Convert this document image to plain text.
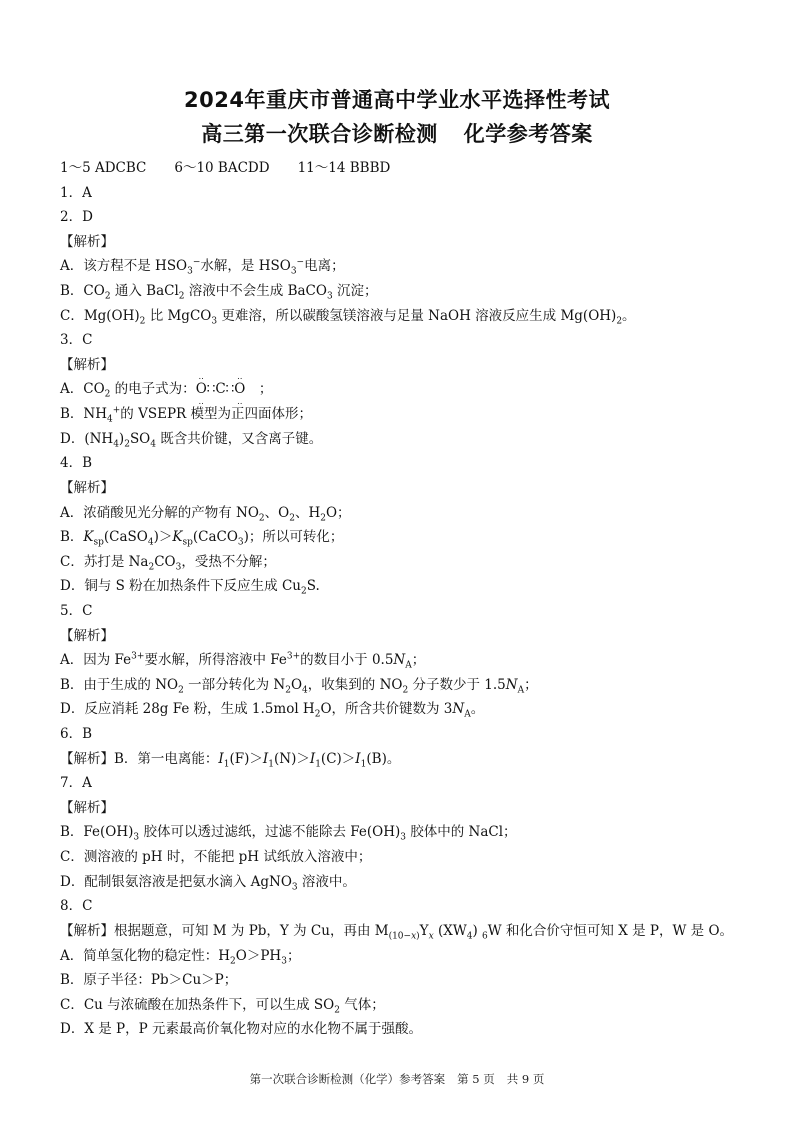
2024年重庆市普通高中学业水平选择性考试
高三第一次联合诊断检测 化学参考答案
1～5 ADCBC 6～10 BACDD 11～14 BBBD
1．A
2．D
【解析】
A．该方程不是 $HSO_3^-$水解，是 $HSO_3^-$电离；
B．$CO_2$ 通入 BaCl$_2$ 溶液中不会生成 BaCO$_3$ 沉淀；
C．$Mg(OH)_2$ 比 MgCO$_3$ 更难溶，所以碳酸氢镁溶液与足量 NaOH 溶液反应生成 $Mg(OH)_2$。
3．C
【解析】
A．$CO_2$ 的电子式为：O
‥
‥
∷C∷O
‥
‥
　；
B．$NH_4^+$的 VSEPR 模型为正四面体形；
D．$(NH_4)_2SO_4$ 既含共价键，又含离子键。
4．B
【解析】
A．浓硝酸见光分解的产物有 $NO_2$、$O_2$、$H_2O$；
B．$K_{sp}(CaSO_4)>K_{sp}(CaCO_3)$；所以可转化；
C．苏打是 $Na_2CO_3$，受热不分解；
D．铜与 S 粉在加热条件下反应生成 $Cu_2S$.
5．C
【解析】
A．因为 $Fe^{3+}$要水解，所得溶液中 $Fe^{3+}$的数目小于 $0.5N_A$；
B．由于生成的 $NO_2$ 一部分转化为 $N_2O_4$，收集到的 $NO_2$ 分子数少于 $1.5N_A$；
D．反应消耗 28g Fe 粉，生成 1.5mol $H_2O$，所含共价键数为 $3N_A$。
6．B
【解析】B．第一电离能：$I_1(F)>I_1(N)>I_1(C)>I_1(B)$。
7．A
【解析】
B．$Fe(OH)_3$ 胶体可以透过滤纸，过滤不能除去 $Fe(OH)_3$ 胶体中的 NaCl；
C．测溶液的 pH 时，不能把 pH 试纸放入溶液中；
D．配制银氨溶液是把氨水滴入 AgNO$_3$ 溶液中。
8．C
【解析】根据题意，可知 M 为 Pb，Y 为 Cu，再由 $M_{(10-x)}Y_x$ $(XW_4)$ $_6$W 和化合价守恒可知 X 是 P，W 是 O。
A．简单氢化物的稳定性：$H_2O>PH_3$；
B．原子半径：Pb＞Cu＞P；
C．Cu 与浓硫酸在加热条件下，可以生成 $SO_2$ 气体；
D．X 是 P，P 元素最高价氧化物对应的水化物不属于强酸。
第一次联合诊断检测（化学）参考答案 第 5 页 共 9 页
